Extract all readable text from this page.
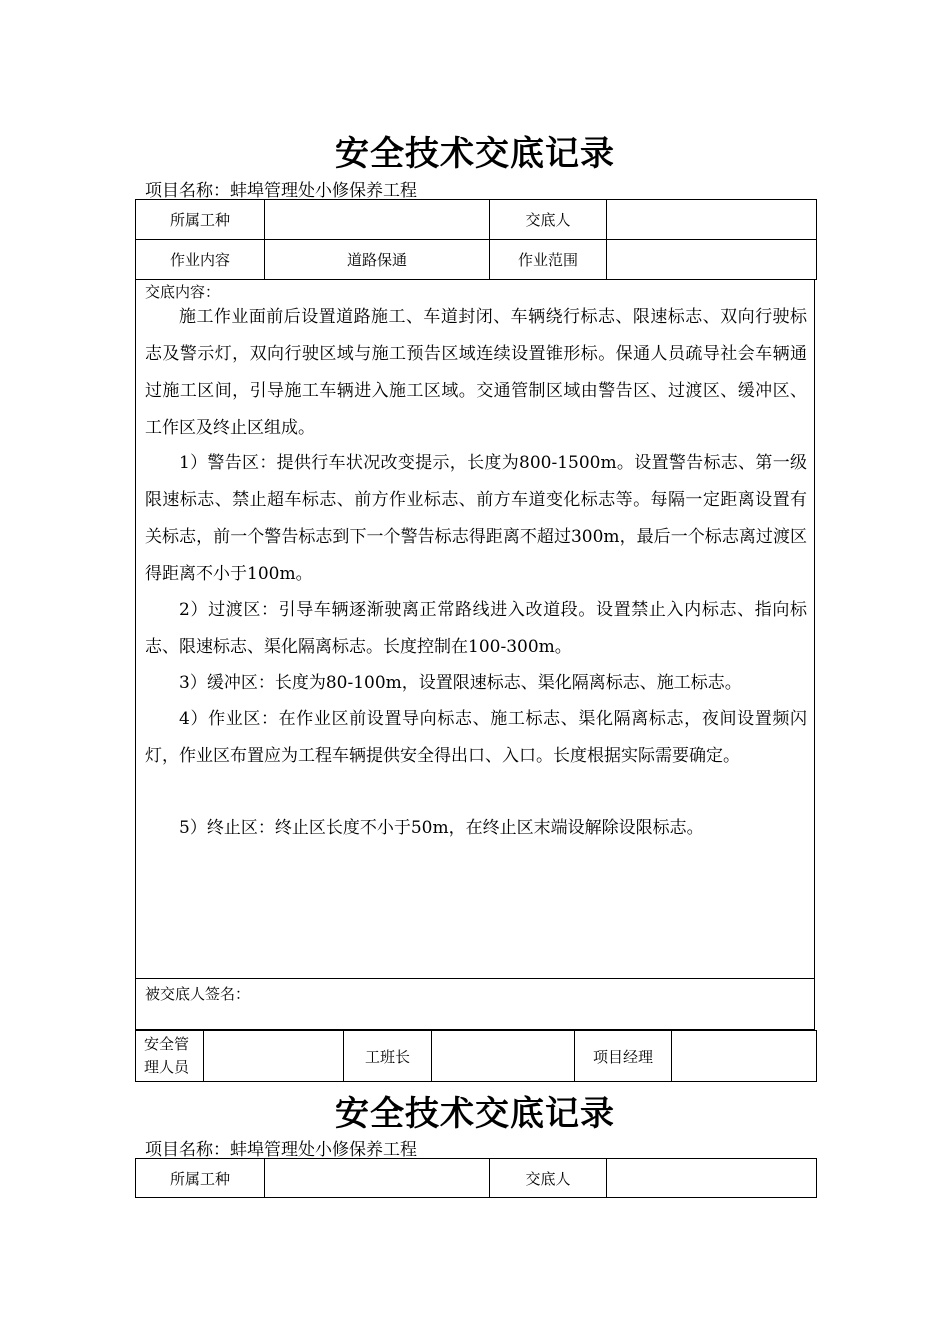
安全技术交底记录
项目名称：蚌埠管理处小修保养工程
所属工种		交底人	
作业内容	道路保通	作业范围	
交底内容：

施工作业面前后设置道路施工、车道封闭、车辆绕行标志、限速标志、双向行驶标志及警示灯，双向行驶区域与施工预告区域连续设置锥形标。保通人员疏导社会车辆通过施工区间，引导施工车辆进入施工区域。交通管制区域由警告区、过渡区、缓冲区、工作区及终止区组成。

1）警告区：提供行车状况改变提示，长度为800-1500m。设置警告标志、第一级限速标志、禁止超车标志、前方作业标志、前方车道变化标志等。每隔一定距离设置有关标志，前一个警告标志到下一个警告标志得距离不超过300m，最后一个标志离过渡区得距离不小于100m。

2）过渡区：引导车辆逐渐驶离正常路线进入改道段。设置禁止入内标志、指向标志、限速标志、渠化隔离标志。长度控制在100-300m。

3）缓冲区：长度为80-100m，设置限速标志、渠化隔离标志、施工标志。

4）作业区：在作业区前设置导向标志、施工标志、渠化隔离标志，夜间设置频闪灯，作业区布置应为工程车辆提供安全得出口、入口。长度根据实际需要确定。

5）终止区：终止区长度不小于50m，在终止区末端设解除设限标志。

被交底人签名：
安全管理人员		工班长		项目经理	
安全技术交底记录
项目名称：蚌埠管理处小修保养工程
所属工种		交底人	
